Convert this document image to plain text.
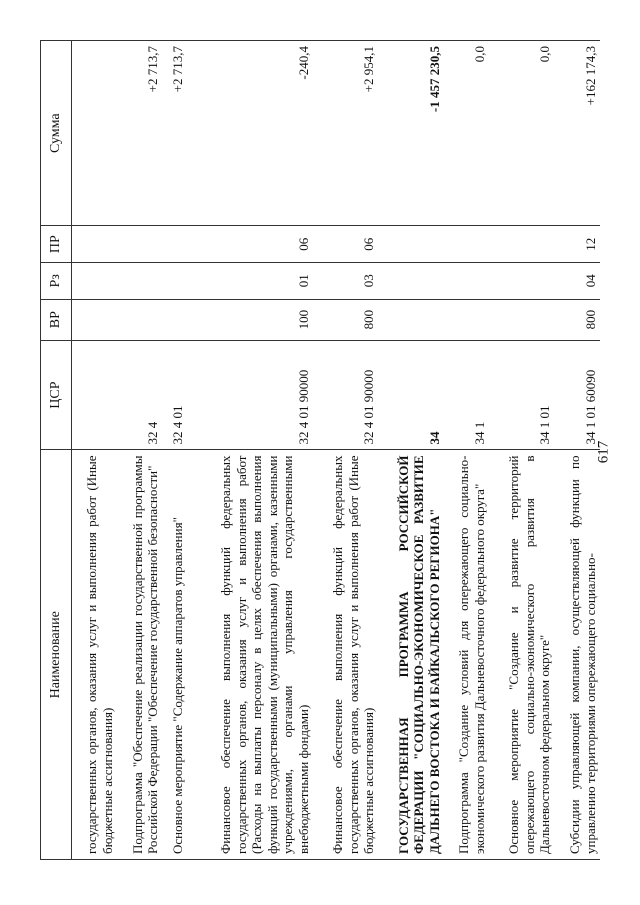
617
Наименование	ЦСР	ВР	Рз	ПР	Сумма
государственных органов, оказания услуг и выполнения работ (Иные бюджетные ассигнования)					
Подпрограмма "Обеспечение реализации государственной программы Российской Федерации "Обеспечение государственной безопасности"	32 4				+2 713,7
Основное мероприятие "Содержание аппаратов управления"	32 4 01				+2 713,7
Финансовое обеспечение выполнения функций федеральных государственных органов, оказания услуг и выполнения работ (Расходы на выплаты персоналу в целях обеспечения выполнения функций государственными (муниципальными) органами, казенными учреждениями, органами управления государственными внебюджетными фондами)	32 4 01 90000	100	01	06	-240,4
Финансовое обеспечение выполнения функций федеральных государственных органов, оказания услуг и выполнения работ (Иные бюджетные ассигнования)	32 4 01 90000	800	03	06	+2 954,1
ГОСУДАРСТВЕННАЯ ПРОГРАММА РОССИЙСКОЙ ФЕДЕРАЦИИ "СОЦИАЛЬНО-ЭКОНОМИЧЕСКОЕ РАЗВИТИЕ ДАЛЬНЕГО ВОСТОКА И БАЙКАЛЬСКОГО РЕГИОНА"	34				-1 457 230,5
Подпрограмма "Создание условий для опережающего социально-экономического развития Дальневосточного федерального округа"	34 1				0,0
Основное мероприятие "Создание и развитие территорий опережающего социально-экономического развития в Дальневосточном федеральном округе"	34 1 01				0,0
Субсидии управляющей компании, осуществляющей функции по управлению территориями опережающего социально-	34 1 01 60090	800	04	12	+162 174,3
